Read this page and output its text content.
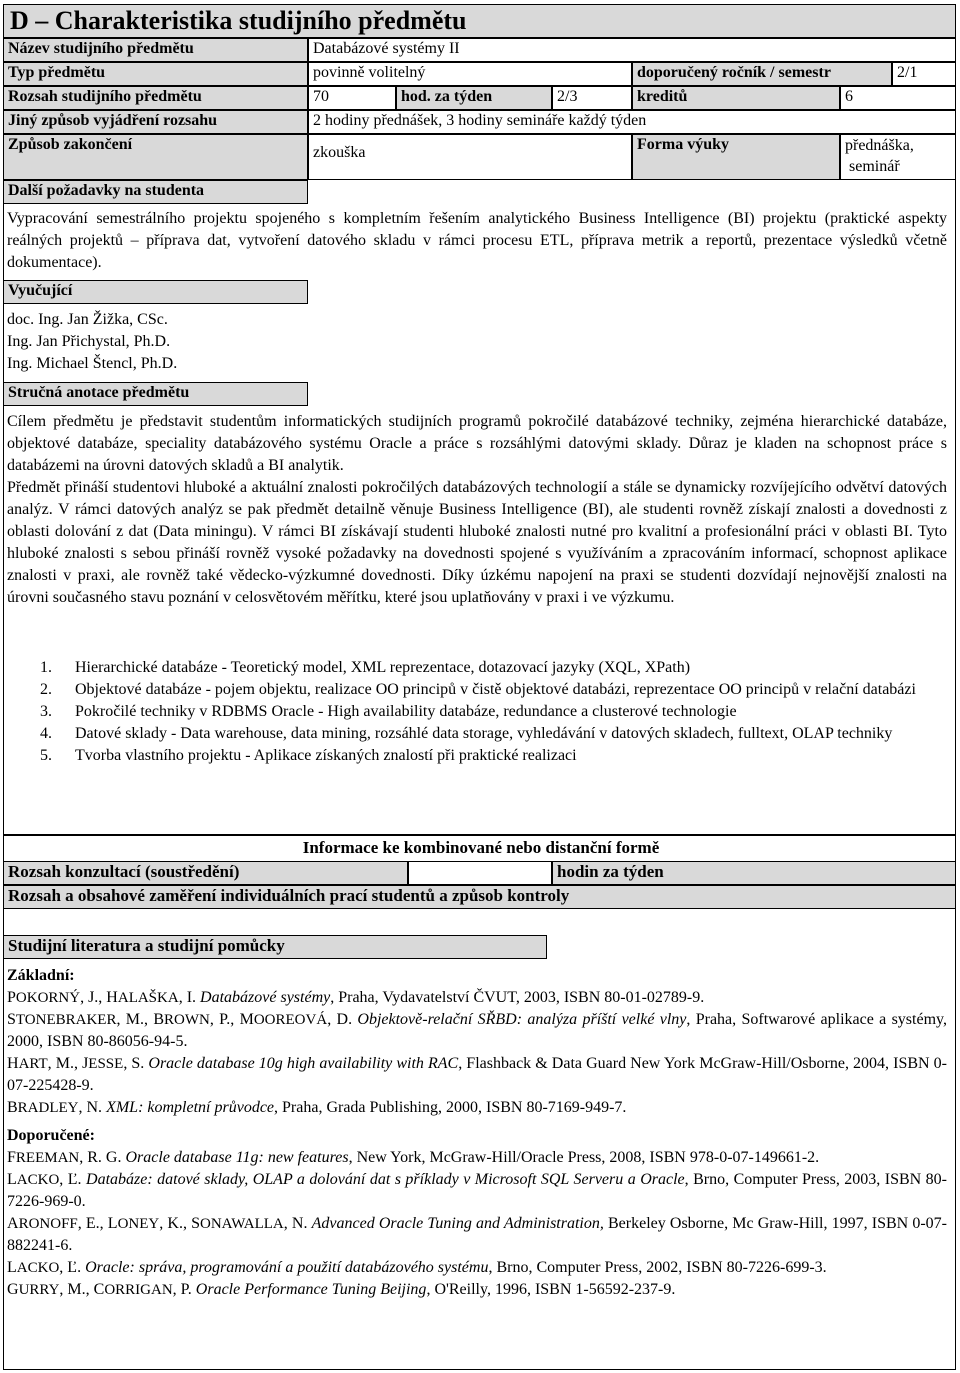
D – Charakteristika studijního předmětu
Název studijního předmětu	Databázové systémy II
Typ předmětu	povinně volitelný	doporučený ročník / semestr	2/1
Rozsah studijního předmětu	70	hod. za týden	2/3	kreditů	6
Jiný způsob vyjádření rozsahu	2 hodiny přednášek, 3 hodiny semináře každý týden
Způsob zakončení	zkouška	Forma výuky	přednáška,
seminář
Další požadavky na studenta
Vypracování semestrálního projektu spojeného s kompletním řešením analytického Business Intelligence (BI) projektu (praktické aspekty reálných projektů – příprava dat, vytvoření datového skladu v rámci procesu ETL, příprava metrik a reportů, prezentace výsledků včetně dokumentace).
Vyučující
doc. Ing. Jan Žižka, CSc.
Ing. Jan Přichystal, Ph.D.
Ing. Michael Štencl, Ph.D.
Stručná anotace předmětu
Cílem předmětu je představit studentům informatických studijních programů pokročilé databázové techniky, zejména hierarchické databáze, objektové databáze, speciality databázového systému Oracle a práce s rozsáhlými datovými sklady. Důraz je kladen na schopnost práce s databázemi na úrovni datových skladů a BI analytik.
Předmět přináší studentovi hluboké a aktuální znalosti pokročilých databázových technologií a stále se dynamicky rozvíjejícího odvětví datových analýz. V rámci datových analýz se pak předmět detailně věnuje Business Intelligence (BI), ale studenti rovněž získají znalosti a dovednosti z oblasti dolování z dat (Data miningu). V rámci BI získávají studenti hluboké znalosti nutné pro kvalitní a profesionální práci v oblasti BI. Tyto hluboké znalosti s sebou přináší rovněž vysoké požadavky na dovednosti spojené s využíváním a zpracováním informací, schopnost aplikace znalosti v praxi, ale rovněž také vědecko-výzkumné dovednosti. Díky úzkému napojení na praxi se studenti dozvídají nejnovější znalosti na úrovni současného stavu poznání v celosvětovém měřítku, které jsou uplatňovány v praxi i ve výzkumu.
1.	Hierarchické databáze - Teoretický model, XML reprezentace, dotazovací jazyky (XQL, XPath)
2.	Objektové databáze - pojem objektu, realizace OO principů v čistě objektové databázi, reprezentace OO principů v relační databázi
3.	Pokročilé techniky v RDBMS Oracle - High availability databáze, redundance a clusterové technologie
4.	Datové sklady - Data warehouse, data mining, rozsáhlé data storage, vyhledávání v datových skladech, fulltext, OLAP techniky
5.	Tvorba vlastního projektu - Aplikace získaných znalostí při praktické realizaci
Informace ke kombinované nebo distanční formě
Rozsah konzultací (soustředění)	hodin za týden
Rozsah a obsahové zaměření individuálních prací studentů a způsob kontroly
Studijní literatura a studijní pomůcky
Základní:

POKORNÝ, J., HALAŠKA, I. Databázové systémy, Praha, Vydavatelství ČVUT, 2003, ISBN 80-01-02789-9.

STONEBRAKER, M., BROWN, P., MOOREOVÁ, D. Objektově-relační SŘBD: analýza příští velké vlny, Praha, Softwarové aplikace a systémy, 2000, ISBN 80-86056-94-5.

HART, M., JESSE, S. Oracle database 10g high availability with RAC, Flashback & Data Guard New York McGraw-Hill/Osborne, 2004, ISBN 0-07-225428-9.

BRADLEY, N. XML: kompletní průvodce, Praha, Grada Publishing, 2000, ISBN 80-7169-949-7.

Doporučené:

FREEMAN, R. G. Oracle database 11g: new features, New York, McGraw-Hill/Oracle Press, 2008, ISBN 978-0-07-149661-2.

LACKO, Ľ. Databáze: datové sklady, OLAP a dolování dat s příklady v Microsoft SQL Serveru a Oracle, Brno, Computer Press, 2003, ISBN 80-7226-969-0.

ARONOFF, E., LONEY, K., SONAWALLA, N. Advanced Oracle Tuning and Administration, Berkeley Osborne, Mc Graw-Hill, 1997, ISBN 0-07-882241-6.

LACKO, Ľ. Oracle: správa, programování a použití databázového systému, Brno, Computer Press, 2002, ISBN 80-7226-699-3.

GURRY, M., CORRIGAN, P. Oracle Performance Tuning Beijing, O'Reilly, 1996, ISBN 1-56592-237-9.
